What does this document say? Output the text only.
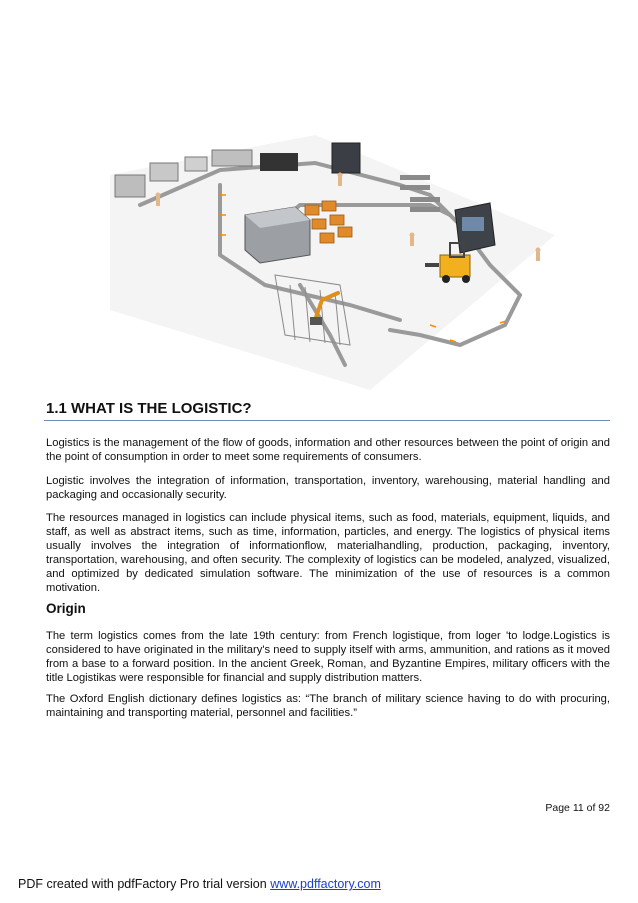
1.1 WHAT IS THE LOGISTIC?

Logistics is the management of the flow of goods, information and other resources between the point of origin and the point of consumption in order to meet some requirements of consumers.

Logistic involves the integration of information, transportation, inventory, warehousing, material handling and packaging and occasionally security.

The resources managed in logistics can include physical items, such as food, materials, equipment, liquids, and staff, as well as abstract items, such as time, information, particles, and energy. The logistics of physical items usually involves the integration of informationflow, materialhandling, production, packaging, inventory, transportation, warehousing, and often security. The complexity of logistics can be modeled, analyzed, visualized, and optimized by dedicated simulation software. The minimization of the use of resources is a common motivation.

Origin

The term logistics comes from the late 19th century: from French logistique, from loger 'to lodge.Logistics is considered to have originated in the military's need to supply itself with arms, ammunition, and rations as it moved from a base to a forward position. In the ancient Greek, Roman, and Byzantine Empires, military officers with the title Logistikas were responsible for financial and supply distribution matters.

The Oxford English dictionary defines logistics as: “The branch of military science having to do with procuring, maintaining and transporting material, personnel and facilities.”

Page 11 of 92
PDF created with pdfFactory Pro trial version www.pdffactory.com
